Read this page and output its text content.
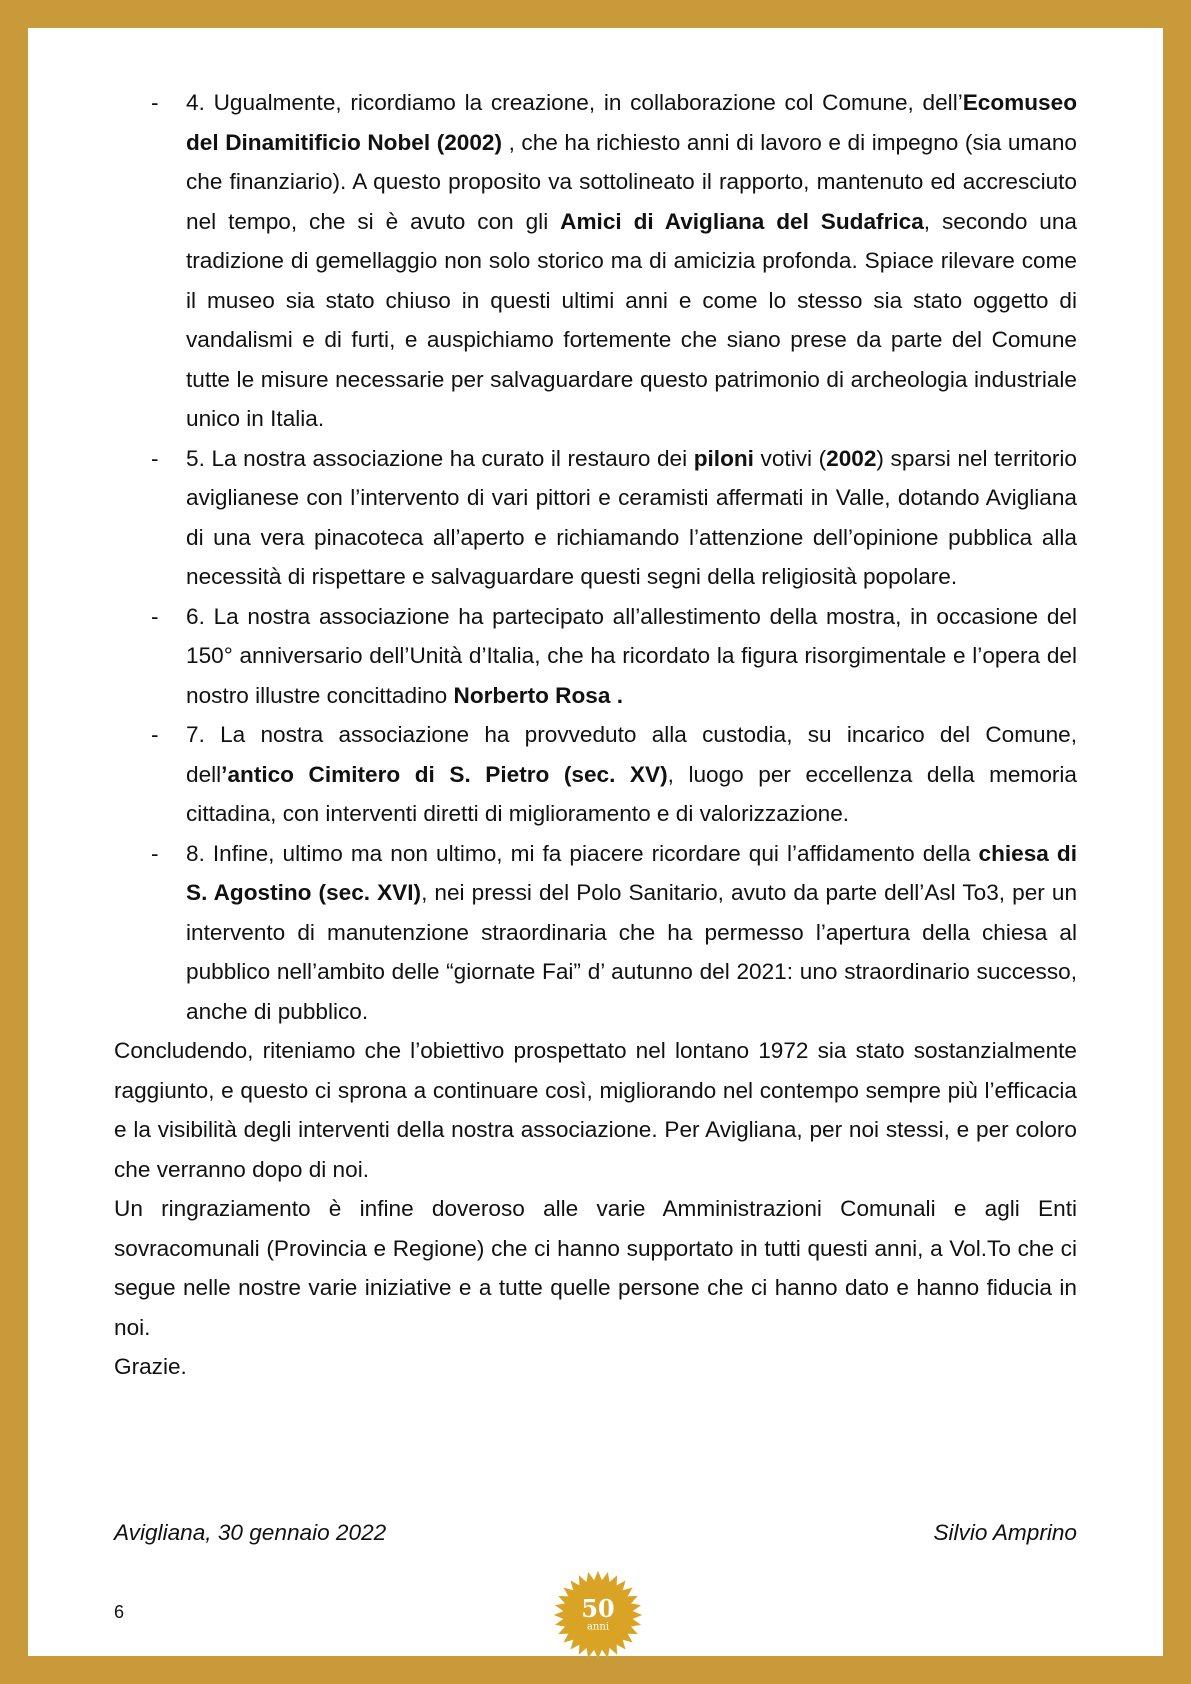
- 4. Ugualmente, ricordiamo la creazione, in collaborazione col Comune, dell’Ecomuseo del Dinamitificio Nobel (2002) , che ha richiesto anni di lavoro e di impegno (sia umano che finanziario). A questo proposito va sottolineato il rapporto, mantenuto ed accresciuto nel tempo, che si è avuto con gli Amici di Avigliana del Sudafrica, secondo una tradizione di gemellaggio non solo storico ma di amicizia profonda. Spiace rilevare come il museo sia stato chiuso in questi ultimi anni e come lo stesso sia stato oggetto di vandalismi e di furti, e auspichiamo fortemente che siano prese da parte del Comune tutte le misure necessarie per salvaguardare questo patrimonio di archeologia industriale unico in Italia.
- 5. La nostra associazione ha curato il restauro dei piloni votivi (2002) sparsi nel territorio aviglianese con l’intervento di vari pittori e ceramisti affermati in Valle, dotando Avigliana di una vera pinacoteca all’aperto e richiamando l’attenzione dell’opinione pubblica alla necessità di rispettare e salvaguardare questi segni della religiosità popolare.
- 6. La nostra associazione ha partecipato all’allestimento della mostra, in occasione del 150° anniversario dell’Unità d’Italia, che ha ricordato la figura risorgimentale e l’opera del nostro illustre concittadino Norberto Rosa .
- 7. La nostra associazione ha provveduto alla custodia, su incarico del Comune, dell’antico Cimitero di S. Pietro (sec. XV), luogo per eccellenza della memoria cittadina, con interventi diretti di miglioramento e di valorizzazione.
- 8. Infine, ultimo ma non ultimo, mi fa piacere ricordare qui l’affidamento della chiesa di S. Agostino (sec. XVI), nei pressi del Polo Sanitario, avuto da parte dell’Asl To3, per un intervento di manutenzione straordinaria che ha permesso l’apertura della chiesa al pubblico nell’ambito delle “giornate Fai” d’ autunno del 2021: uno straordinario successo, anche di pubblico.

Concludendo, riteniamo che l’obiettivo prospettato nel lontano 1972 sia stato sostanzialmente raggiunto, e questo ci sprona a continuare così, migliorando nel contempo sempre più l’efficacia e la visibilità degli interventi della nostra associazione. Per Avigliana, per noi stessi, e per coloro che verranno dopo di noi.

Un ringraziamento è infine doveroso alle varie Amministrazioni Comunali e agli Enti sovracomunali (Provincia e Regione) che ci hanno supportato in tutti questi anni, a Vol.To che ci segue nelle nostre varie iniziative e a tutte quelle persone che ci hanno dato e hanno fiducia in noi.

Grazie.

Avigliana, 30 gennaio 2022	Silvio Amprino
6	50
anni
